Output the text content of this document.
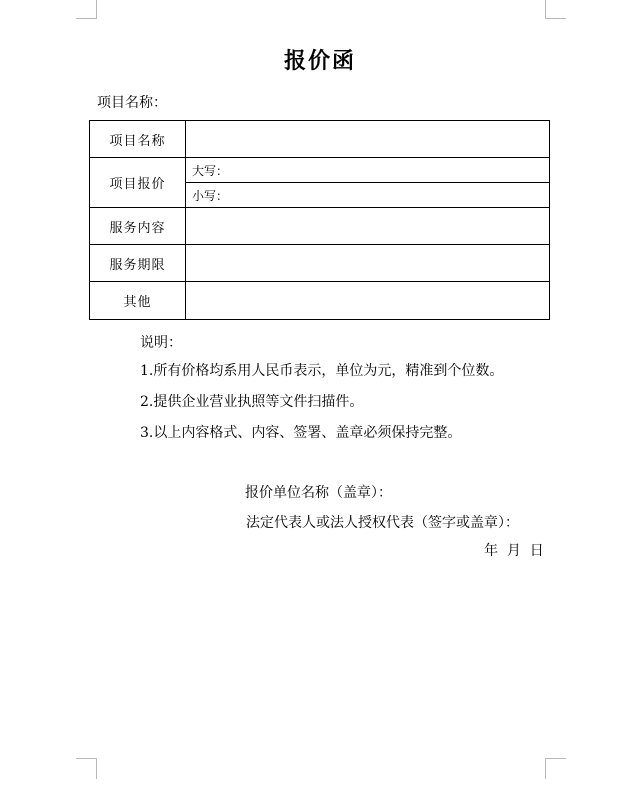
报价函
项目名称：
项目名称	
项目报价	大写：
	小写：
服务内容	
服务期限	
其他	
说明：
1.所有价格均系用人民币表示，单位为元，精准到个位数。
2.提供企业营业执照等文件扫描件。
3.以上内容格式、内容、签署、盖章必须保持完整。
报价单位名称（盖章）：
法定代表人或法人授权代表（签字或盖章）：
年  月  日
